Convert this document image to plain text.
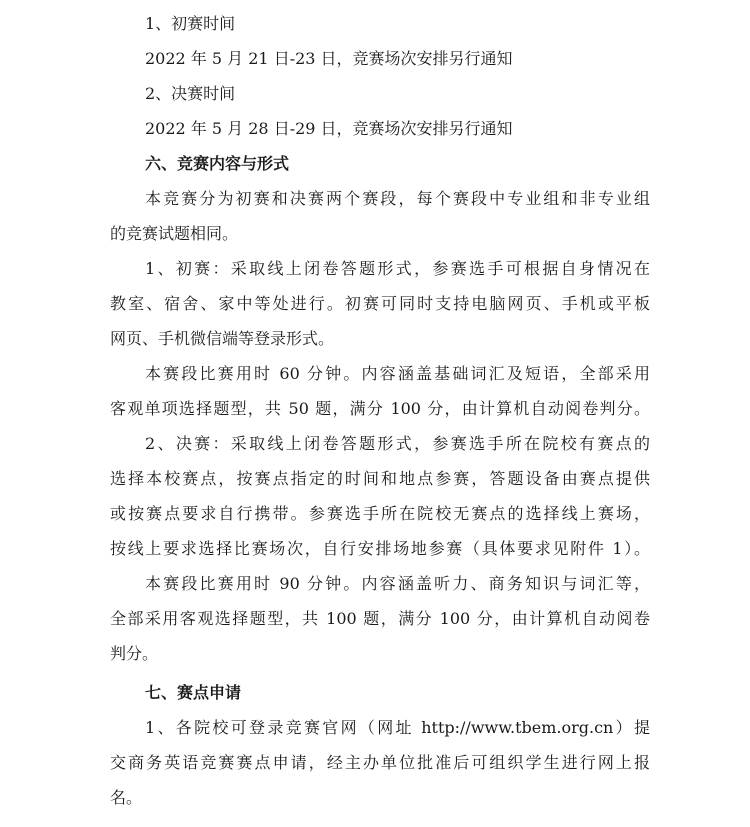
1、初赛时间
2022 年 5 月 21 日-23 日，竞赛场次安排另行通知
2、决赛时间
2022 年 5 月 28 日-29 日，竞赛场次安排另行通知
六、竞赛内容与形式
本竞赛分为初赛和决赛两个赛段，每个赛段中专业组和非专业组
的竞赛试题相同。
1、初赛：采取线上闭卷答题形式，参赛选手可根据自身情况在
教室、宿舍、家中等处进行。初赛可同时支持电脑网页、手机或平板
网页、手机微信端等登录形式。
本赛段比赛用时 60 分钟。内容涵盖基础词汇及短语，全部采用
客观单项选择题型，共 50 题，满分 100 分，由计算机自动阅卷判分。
2、决赛：采取线上闭卷答题形式，参赛选手所在院校有赛点的
选择本校赛点，按赛点指定的时间和地点参赛，答题设备由赛点提供
或按赛点要求自行携带。参赛选手所在院校无赛点的选择线上赛场，
按线上要求选择比赛场次，自行安排场地参赛（具体要求见附件 1）。
本赛段比赛用时 90 分钟。内容涵盖听力、商务知识与词汇等，
全部采用客观选择题型，共 100 题，满分 100 分，由计算机自动阅卷
判分。
七、赛点申请
1、各院校可登录竞赛官网（网址 http://www.tbem.org.cn）提
交商务英语竞赛赛点申请，经主办单位批准后可组织学生进行网上报
名。
